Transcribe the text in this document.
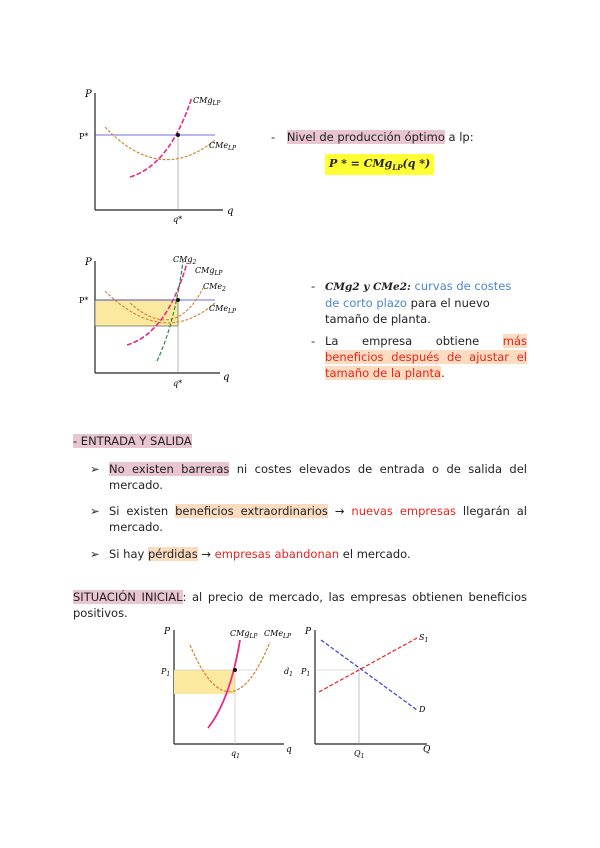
P
P*
CMg$_{LP}$
CMe$_{LP}$
q
q*
- Nivel de producción óptimo a lp:
P * = CMg$_{LP}$(q *)
P
P*
CMg$_2$
CMg$_{LP}$
CMe$_2$
CMe$_{LP}$
q
q*
- CMg2 y CMe2: curvas de costes de corto plazo para el nuevo tamaño de planta.
- La empresa obtiene más beneficios después de ajustar el tamaño de la planta.
- ENTRADA Y SALIDA
➢ No existen barreras ni costes elevados de entrada o de salida del mercado.
➢ Si existen beneficios extraordinarios → nuevas empresas llegarán al mercado.
➢ Si hay pérdidas → empresas abandonan el mercado.
SITUACIÓN INICIAL: al precio de mercado, las empresas obtienen beneficios positivos.
P
$P_1$
CMg$_{LP}$ CMe$_{LP}$
$d_1$
q
$q_1$
P
$P_1$
$S_1$
D
Q
$Q_1$
